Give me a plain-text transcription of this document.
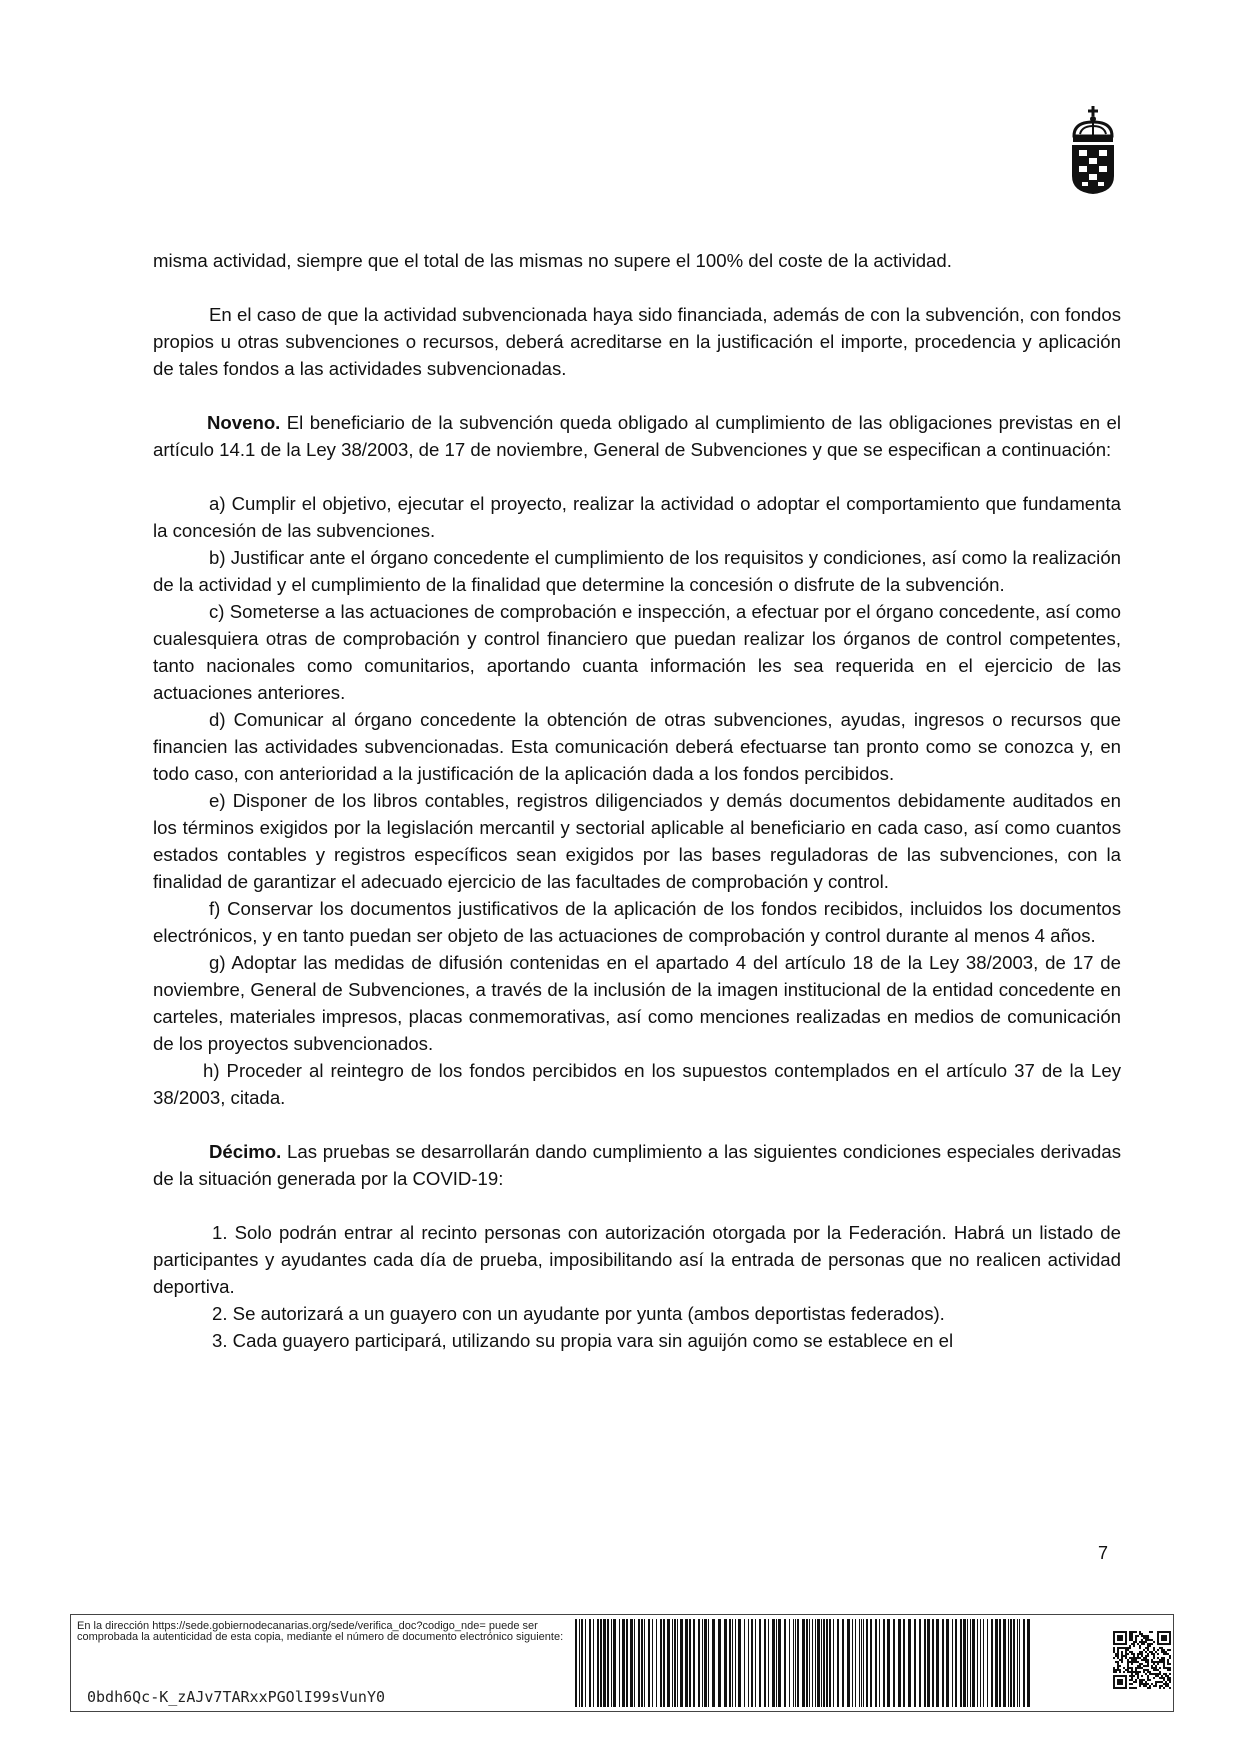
misma actividad, siempre que el total de las mismas no supere el 100% del coste de la actividad.

En el caso de que la actividad subvencionada haya sido financiada, además de con la subvención, con fondos propios u otras subvenciones o recursos, deberá acreditarse en la justificación el importe, procedencia y aplicación de tales fondos a las actividades subvencionadas.

Noveno. El beneficiario de la subvención queda obligado al cumplimiento de las obligaciones previstas en el artículo 14.1 de la Ley 38/2003, de 17 de noviembre, General de Subvenciones y que se especifican a continuación:

a) Cumplir el objetivo, ejecutar el proyecto, realizar la actividad o adoptar el comportamiento que fundamenta la concesión de las subvenciones.

b) Justificar ante el órgano concedente el cumplimiento de los requisitos y condiciones, así como la realización de la actividad y el cumplimiento de la finalidad que determine la concesión o disfrute de la subvención.

c) Someterse a las actuaciones de comprobación e inspección, a efectuar por el órgano concedente, así como cualesquiera otras de comprobación y control financiero que puedan realizar los órganos de control competentes, tanto nacionales como comunitarios, aportando cuanta información les sea requerida en el ejercicio de las actuaciones anteriores.

d) Comunicar al órgano concedente la obtención de otras subvenciones, ayudas, ingresos o recursos que financien las actividades subvencionadas. Esta comunicación deberá efectuarse tan pronto como se conozca y, en todo caso, con anterioridad a la justificación de la aplicación dada a los fondos percibidos.

e) Disponer de los libros contables, registros diligenciados y demás documentos debidamente auditados en los términos exigidos por la legislación mercantil y sectorial aplicable al beneficiario en cada caso, así como cuantos estados contables y registros específicos sean exigidos por las bases reguladoras de las subvenciones, con la finalidad de garantizar el adecuado ejercicio de las facultades de comprobación y control.

f) Conservar los documentos justificativos de la aplicación de los fondos recibidos, incluidos los documentos electrónicos, y en tanto puedan ser objeto de las actuaciones de comprobación y control durante al menos 4 años.

g) Adoptar las medidas de difusión contenidas en el apartado 4 del artículo 18 de la Ley 38/2003, de 17 de noviembre, General de Subvenciones, a través de la inclusión de la imagen institucional de la entidad concedente en carteles, materiales impresos, placas conmemorativas, así como menciones realizadas en medios de comunicación de los proyectos subvencionados.

h) Proceder al reintegro de los fondos percibidos en los supuestos contemplados en el artículo 37 de la Ley 38/2003, citada.

Décimo. Las pruebas se desarrollarán dando cumplimiento a las siguientes condiciones especiales derivadas de la situación generada por la COVID-19:

1. Solo podrán entrar al recinto personas con autorización otorgada por la Federación. Habrá un listado de participantes y ayudantes cada día de prueba, imposibilitando así la entrada de personas que no realicen actividad deportiva.

2. Se autorizará a un guayero con un ayudante por yunta (ambos deportistas federados).

3. Cada guayero participará, utilizando su propia vara sin aguijón como se establece en el

7
En la dirección https://sede.gobiernodecanarias.org/sede/verifica_doc?codigo_nde= puede ser comprobada la autenticidad de esta copia, mediante el número de documento electrónico siguiente:
0bdh6Qc-K_zAJv7TARxxPGOlI99sVunY0
